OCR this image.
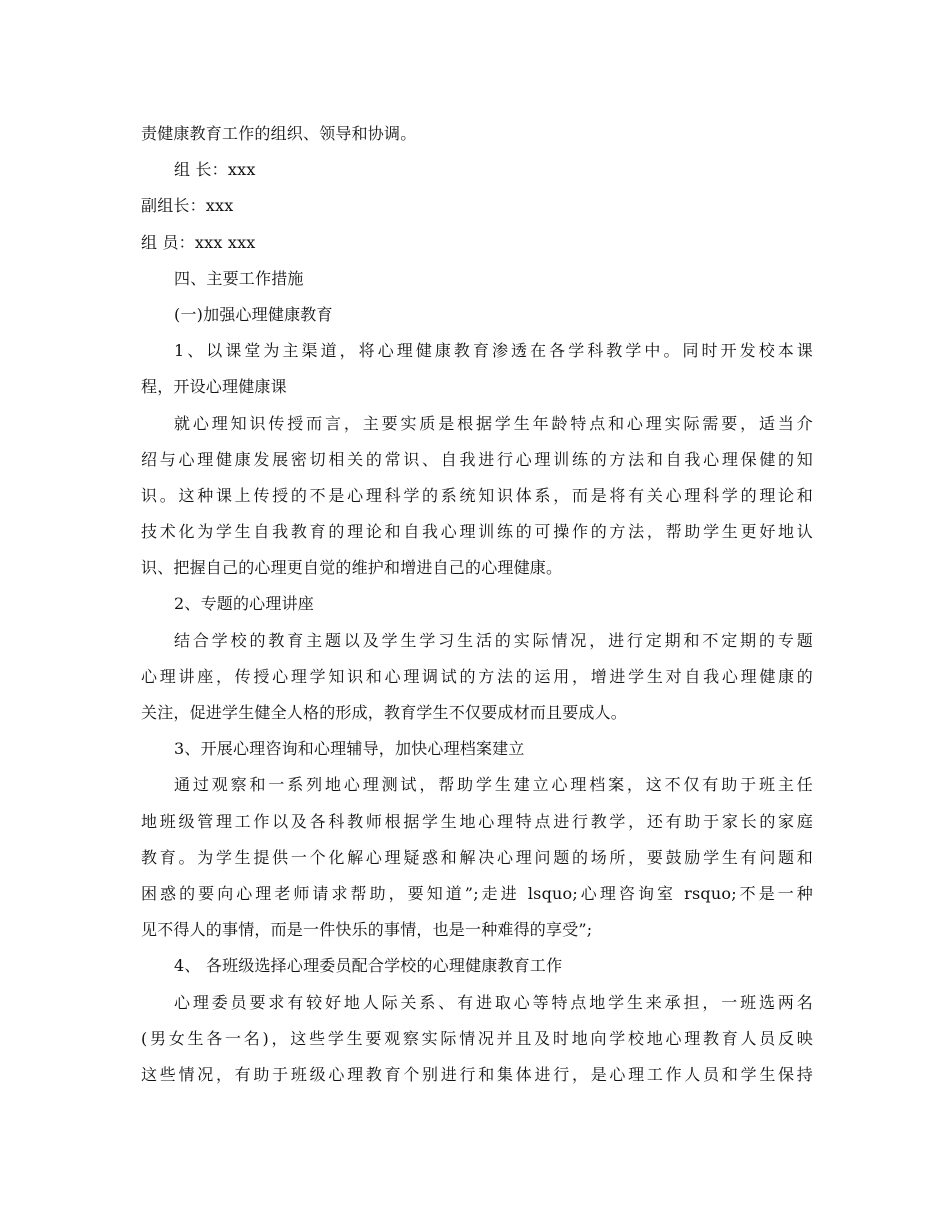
责健康教育工作的组织、领导和协调。
组 长：xxx
副组长：xxx
组 员：xxx xxx
四、主要工作措施
(一)加强心理健康教育
1、以课堂为主渠道，将心理健康教育渗透在各学科教学中。同时开发校本课
程，开设心理健康课
就心理知识传授而言，主要实质是根据学生年龄特点和心理实际需要，适当介
绍与心理健康发展密切相关的常识、自我进行心理训练的方法和自我心理保健的知
识。这种课上传授的不是心理科学的系统知识体系，而是将有关心理科学的理论和
技术化为学生自我教育的理论和自我心理训练的可操作的方法，帮助学生更好地认
识、把握自己的心理更自觉的维护和增进自己的心理健康。
2、专题的心理讲座
结合学校的教育主题以及学生学习生活的实际情况，进行定期和不定期的专题
心理讲座，传授心理学知识和心理调试的方法的运用，增进学生对自我心理健康的
关注，促进学生健全人格的形成，教育学生不仅要成材而且要成人。
3、开展心理咨询和心理辅导，加快心理档案建立
通过观察和一系列地心理测试，帮助学生建立心理档案，这不仅有助于班主任
地班级管理工作以及各科教师根据学生地心理特点进行教学，还有助于家长的家庭
教育。为学生提供一个化解心理疑惑和解决心理问题的场所，要鼓励学生有问题和
困惑的要向心理老师请求帮助，要知道”;走进 lsquo;心理咨询室 rsquo;不是一种
见不得人的事情，而是一件快乐的事情，也是一种难得的享受”;
4、 各班级选择心理委员配合学校的心理健康教育工作
心理委员要求有较好地人际关系、有进取心等特点地学生来承担，一班选两名
(男女生各一名)，这些学生要观察实际情况并且及时地向学校地心理教育人员反映
这些情况，有助于班级心理教育个别进行和集体进行，是心理工作人员和学生保持
